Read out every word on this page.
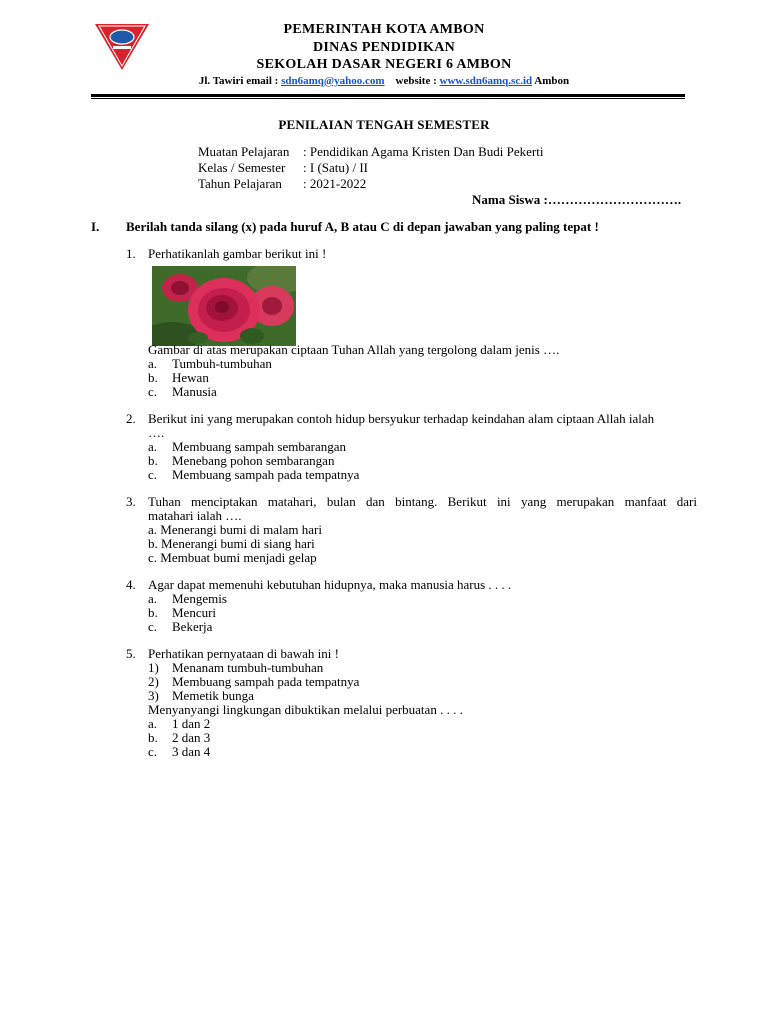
PEMERINTAH KOTA AMBON
DINAS PENDIDIKAN
SEKOLAH DASAR NEGERI 6 AMBON
Jl. Tawiri email : sdn6amq@yahoo.com website : www.sdn6amq.sc.id Ambon
PENILAIAN TENGAH SEMESTER
Muatan Pelajaran : Pendidikan Agama Kristen Dan Budi Pekerti
Kelas / Semester : I (Satu) / II
Tahun Pelajaran : 2021-2022
Nama Siswa :………………………….
I. Berilah tanda silang (x) pada huruf A, B atau C di depan jawaban yang paling tepat !
1. Perhatikanlah gambar berikut ini !
Gambar di atas merupakan ciptaan Tuhan Allah yang tergolong dalam jenis ….
a. Tumbuh-tumbuhan
b. Hewan
c. Manusia
2. Berikut ini yang merupakan contoh hidup bersyukur terhadap keindahan alam ciptaan Allah ialah
….
a. Membuang sampah sembarangan
b. Menebang pohon sembarangan
c. Membuang sampah pada tempatnya
3. Tuhan menciptakan matahari, bulan dan bintang. Berikut ini yang merupakan manfaat dari
matahari ialah ….
a. Menerangi bumi di malam hari
b. Menerangi bumi di siang hari
c. Membuat bumi menjadi gelap
4. Agar dapat memenuhi kebutuhan hidupnya, maka manusia harus . . . .
a. Mengemis
b. Mencuri
c. Bekerja
5. Perhatikan pernyataan di bawah ini !
1) Menanam tumbuh-tumbuhan
2) Membuang sampah pada tempatnya
3) Memetik bunga
Menyanyangi lingkungan dibuktikan melalui perbuatan . . . .
a. 1 dan 2
b. 2 dan 3
c. 3 dan 4
